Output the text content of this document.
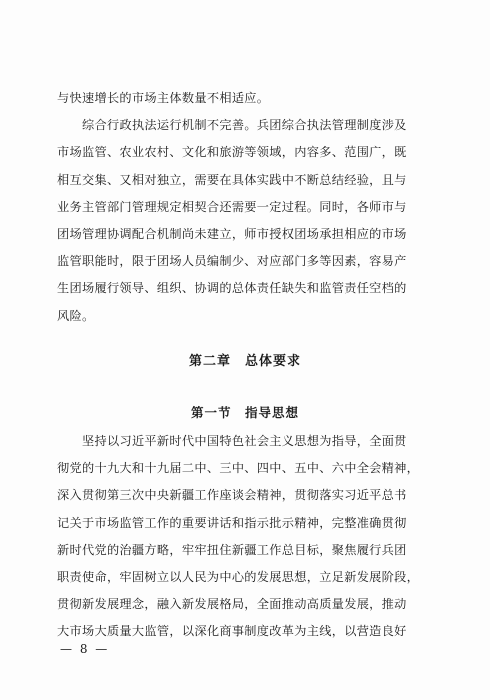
与快速增长的市场主体数量不相适应。
综合行政执法运行机制不完善。兵团综合执法管理制度涉及
市场监管、农业农村、文化和旅游等领域，内容多、范围广，既
相互交集、又相对独立，需要在具体实践中不断总结经验，且与
业务主管部门管理规定相契合还需要一定过程。同时，各师市与
团场管理协调配合机制尚未建立，师市授权团场承担相应的市场
监管职能时，限于团场人员编制少、对应部门多等因素，容易产
生团场履行领导、组织、协调的总体责任缺失和监管责任空档的
风险。
第二章　总体要求
第一节　指导思想
坚持以习近平新时代中国特色社会主义思想为指导，全面贯
彻党的十九大和十九届二中、三中、四中、五中、六中全会精神，
深入贯彻第三次中央新疆工作座谈会精神，贯彻落实习近平总书
记关于市场监管工作的重要讲话和指示批示精神，完整准确贯彻
新时代党的治疆方略，牢牢扭住新疆工作总目标，聚焦履行兵团
职责使命，牢固树立以人民为中心的发展思想，立足新发展阶段，
贯彻新发展理念，融入新发展格局，全面推动高质量发展，推动
大市场大质量大监管，以深化商事制度改革为主线，以营造良好
— 8 —
